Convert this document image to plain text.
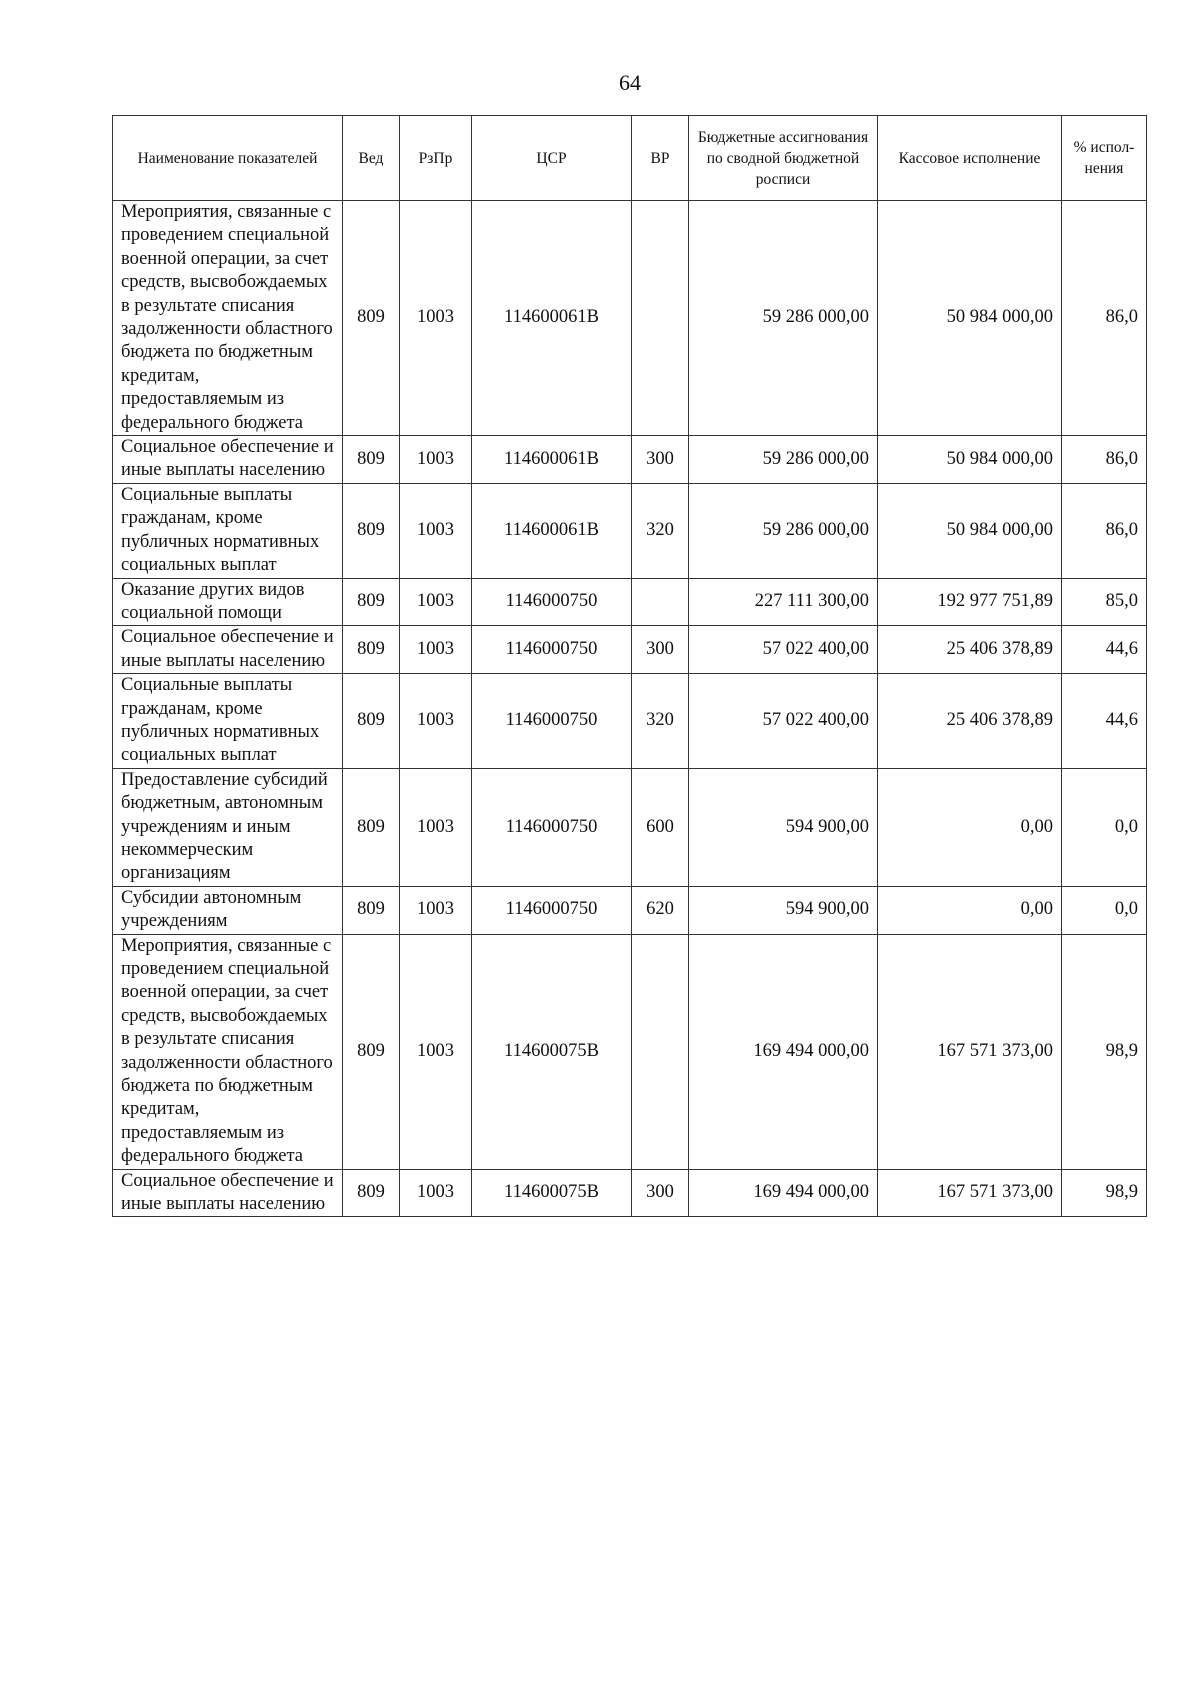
64
Наименование показателей	Вед	РзПр	ЦСР	ВР	Бюджетные ассигнования по сводной бюджетной росписи	Кассовое исполнение	% испол-нения
Мероприятия, связанные с проведением специальной военной операции, за счет средств, высвобождаемых в результате списания задолженности областного бюджета по бюджетным кредитам, предоставляемым из федерального бюджета	809	1003	114600061В		59 286 000,00	50 984 000,00	86,0
Социальное обеспечение и иные выплаты населению	809	1003	114600061В	300	59 286 000,00	50 984 000,00	86,0
Социальные выплаты гражданам, кроме публичных нормативных социальных выплат	809	1003	114600061В	320	59 286 000,00	50 984 000,00	86,0
Оказание других видов социальной помощи	809	1003	1146000750		227 111 300,00	192 977 751,89	85,0
Социальное обеспечение и иные выплаты населению	809	1003	1146000750	300	57 022 400,00	25 406 378,89	44,6
Социальные выплаты гражданам, кроме публичных нормативных социальных выплат	809	1003	1146000750	320	57 022 400,00	25 406 378,89	44,6
Предоставление субсидий бюджетным, автономным учреждениям и иным некоммерческим организациям	809	1003	1146000750	600	594 900,00	0,00	0,0
Субсидии автономным учреждениям	809	1003	1146000750	620	594 900,00	0,00	0,0
Мероприятия, связанные с проведением специальной военной операции, за счет средств, высвобождаемых в результате списания задолженности областного бюджета по бюджетным кредитам, предоставляемым из федерального бюджета	809	1003	114600075В		169 494 000,00	167 571 373,00	98,9
Социальное обеспечение и иные выплаты населению	809	1003	114600075В	300	169 494 000,00	167 571 373,00	98,9
